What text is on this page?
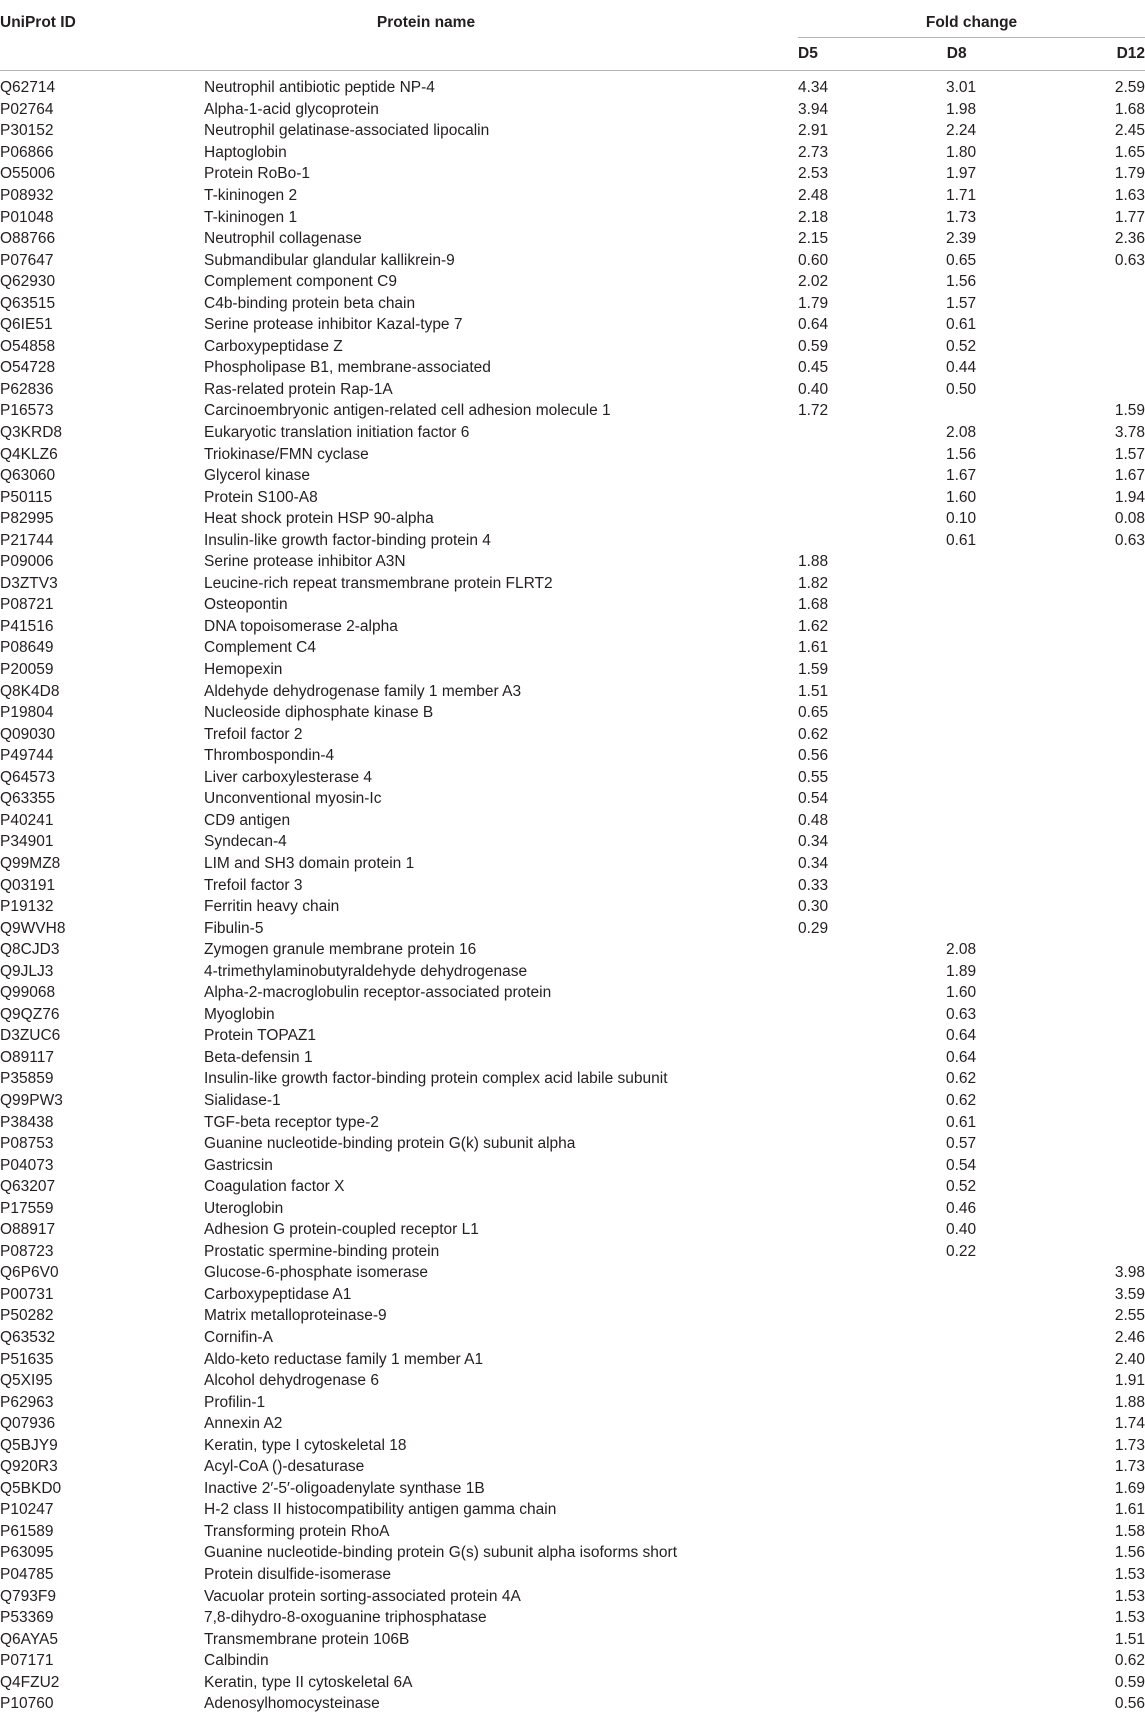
UniProt ID	Protein name	Fold change

		D5	D8	D12

Q62714	Neutrophil antibiotic peptide NP-4	4.34	3.01	2.59
P02764	Alpha-1-acid glycoprotein	3.94	1.98	1.68
P30152	Neutrophil gelatinase-associated lipocalin	2.91	2.24	2.45
P06866	Haptoglobin	2.73	1.80	1.65
O55006	Protein RoBo-1	2.53	1.97	1.79
P08932	T-kininogen 2	2.48	1.71	1.63
P01048	T-kininogen 1	2.18	1.73	1.77
O88766	Neutrophil collagenase	2.15	2.39	2.36
P07647	Submandibular glandular kallikrein-9	0.60	0.65	0.63
Q62930	Complement component C9	2.02	1.56	
Q63515	C4b-binding protein beta chain	1.79	1.57	
Q6IE51	Serine protease inhibitor Kazal-type 7	0.64	0.61	
O54858	Carboxypeptidase Z	0.59	0.52	
O54728	Phospholipase B1, membrane-associated	0.45	0.44	
P62836	Ras-related protein Rap-1A	0.40	0.50	
P16573	Carcinoembryonic antigen-related cell adhesion molecule 1	1.72		1.59
Q3KRD8	Eukaryotic translation initiation factor 6		2.08	3.78
Q4KLZ6	Triokinase/FMN cyclase		1.56	1.57
Q63060	Glycerol kinase		1.67	1.67
P50115	Protein S100-A8		1.60	1.94
P82995	Heat shock protein HSP 90-alpha		0.10	0.08
P21744	Insulin-like growth factor-binding protein 4		0.61	0.63
P09006	Serine protease inhibitor A3N	1.88		
D3ZTV3	Leucine-rich repeat transmembrane protein FLRT2	1.82		
P08721	Osteopontin	1.68		
P41516	DNA topoisomerase 2-alpha	1.62		
P08649	Complement C4	1.61		
P20059	Hemopexin	1.59		
Q8K4D8	Aldehyde dehydrogenase family 1 member A3	1.51		
P19804	Nucleoside diphosphate kinase B	0.65		
Q09030	Trefoil factor 2	0.62		
P49744	Thrombospondin-4	0.56		
Q64573	Liver carboxylesterase 4	0.55		
Q63355	Unconventional myosin-Ic	0.54		
P40241	CD9 antigen	0.48		
P34901	Syndecan-4	0.34		
Q99MZ8	LIM and SH3 domain protein 1	0.34		
Q03191	Trefoil factor 3	0.33		
P19132	Ferritin heavy chain	0.30		
Q9WVH8	Fibulin-5	0.29		
Q8CJD3	Zymogen granule membrane protein 16		2.08	
Q9JLJ3	4-trimethylaminobutyraldehyde dehydrogenase		1.89	
Q99068	Alpha-2-macroglobulin receptor-associated protein		1.60	
Q9QZ76	Myoglobin		0.63	
D3ZUC6	Protein TOPAZ1		0.64	
O89117	Beta-defensin 1		0.64	
P35859	Insulin-like growth factor-binding protein complex acid labile subunit		0.62	
Q99PW3	Sialidase-1		0.62	
P38438	TGF-beta receptor type-2		0.61	
P08753	Guanine nucleotide-binding protein G(k) subunit alpha		0.57	
P04073	Gastricsin		0.54	
Q63207	Coagulation factor X		0.52	
P17559	Uteroglobin		0.46	
O88917	Adhesion G protein-coupled receptor L1		0.40	
P08723	Prostatic spermine-binding protein		0.22	
Q6P6V0	Glucose-6-phosphate isomerase			3.98
P00731	Carboxypeptidase A1			3.59
P50282	Matrix metalloproteinase-9			2.55
Q63532	Cornifin-A			2.46
P51635	Aldo-keto reductase family 1 member A1			2.40
Q5XI95	Alcohol dehydrogenase 6			1.91
P62963	Profilin-1			1.88
Q07936	Annexin A2			1.74
Q5BJY9	Keratin, type I cytoskeletal 18			1.73
Q920R3	Acyl-CoA ()-desaturase			1.73
Q5BKD0	Inactive 2′-5′-oligoadenylate synthase 1B			1.69
P10247	H-2 class II histocompatibility antigen gamma chain			1.61
P61589	Transforming protein RhoA			1.58
P63095	Guanine nucleotide-binding protein G(s) subunit alpha isoforms short			1.56
P04785	Protein disulfide-isomerase			1.53
Q793F9	Vacuolar protein sorting-associated protein 4A			1.53
P53369	7,8-dihydro-8-oxoguanine triphosphatase			1.53
Q6AYA5	Transmembrane protein 106B			1.51
P07171	Calbindin			0.62
Q4FZU2	Keratin, type II cytoskeletal 6A			0.59
P10760	Adenosylhomocysteinase			0.56
